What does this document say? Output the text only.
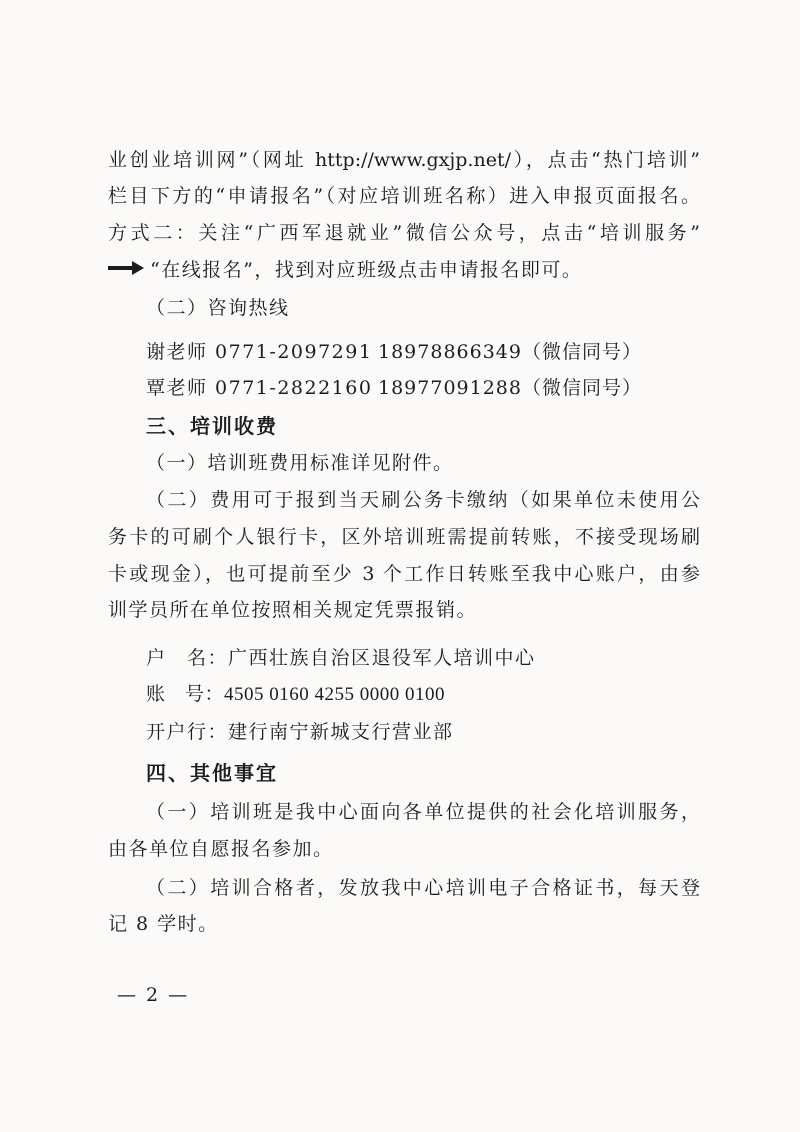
业创业培训网”（网址 http://www.gxjp.net/），点击“热门培训”
栏目下方的“申请报名”（对应培训班名称）进入申报页面报名。
方式二：关注“广西军退就业”微信公众号，点击“培训服务”
“在线报名”，找到对应班级点击申请报名即可。
（二）咨询热线
谢老师 0771-2097291 18978866349（微信同号）
覃老师 0771-2822160 18977091288（微信同号）
三、培训收费
（一）培训班费用标准详见附件。
（二）费用可于报到当天刷公务卡缴纳（如果单位未使用公
务卡的可刷个人银行卡，区外培训班需提前转账，不接受现场刷
卡或现金），也可提前至少 3 个工作日转账至我中心账户，由参
训学员所在单位按照相关规定凭票报销。
户　名：广西壮族自治区退役军人培训中心
账　号：4505 0160 4255 0000 0100
开户行：建行南宁新城支行营业部
四、其他事宜
（一）培训班是我中心面向各单位提供的社会化培训服务，
由各单位自愿报名参加。
（二）培训合格者，发放我中心培训电子合格证书，每天登
记 8 学时。
— 2 —
